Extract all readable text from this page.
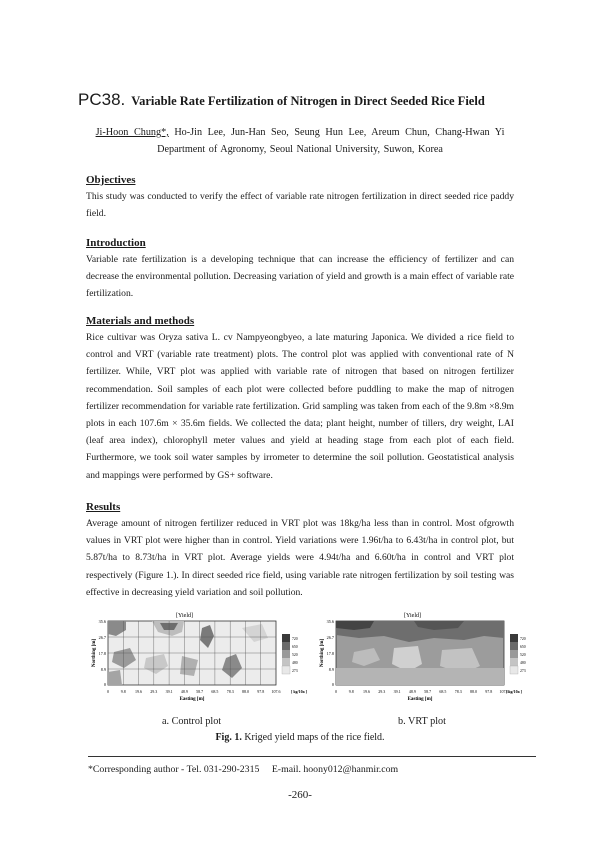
PC38. Variable Rate Fertilization of Nitrogen in Direct Seeded Rice Field
Ji-Hoon Chung*, Ho-Jin Lee, Jun-Han Seo, Seung Hun Lee, Areum Chun, Chang-Hwan Yi
Department of Agronomy, Seoul National University, Suwon, Korea
Objectives
This study was conducted to verify the effect of variable rate nitrogen fertilization in direct seeded rice paddy field.
Introduction
Variable rate fertilization is a developing technique that can increase the efficiency of fertilizer and can decrease the environmental pollution. Decreasing variation of yield and growth is a main effect of variable rate fertilization.
Materials and methods
Rice cultivar was Oryza sativa L. cv Nampyeongbyeo, a late maturing Japonica. We divided a rice field to control and VRT (variable rate treatment) plots. The control plot was applied with conventional rate of N fertilizer. While, VRT plot was applied with variable rate of nitrogen that based on nitrogen fertilizer recommendation. Soil samples of each plot were collected before puddling to make the map of nitrogen fertilizer recommendation for variable rate fertilization. Grid sampling was taken from each of the 9.8m ×8.9m plots in each 107.6m × 35.6m fields. We collected the data; plant height, number of tillers, dry weight, LAI (leaf area index), chlorophyll meter values and yield at heading stage from each plot of each field. Furthermore, we took soil water samples by irrometer to determine the soil pollution. Geostatistical analysis and mappings were performed by GS+ software.
Results
Average amount of nitrogen fertilizer reduced in VRT plot was 18kg/ha less than in control. Most ofgrowth values in VRT plot were higher than in control. Yield variations were 1.96t/ha to 6.43t/ha in control plot, but 5.87t/ha to 8.73t/ha in VRT plot. Average yields were 4.94t/ha and 6.60t/ha in control and VRT plot respectively (Figure 1.). In direct seeded rice field, using variable rate nitrogen fertilization by soil testing was effective in decreasing yield variation and soil pollution.
[Yield]
720
650
520
480
273
35.6
26.7
17.8
8.9
0
0	9.8 19.6 29.3 39.1 48.9 58.7 68.5 78.3 88.0 97.8 107.6	[ kg/10a ]
Easting [m]
Northing [m]
[Yield]
720
650
520
480
273
35.6
26.7
17.8
8.9
0
0	9.8 19.6 29.3 39.1 48.9 58.7 68.5 78.3 88.0 97.8 107.6
[ kg/10a ]
Easting [m]
Northing [m]
a. Control plot	b. VRT plot
Fig. 1. Kriged yield maps of the rice field.
*Corresponding author - Tel. 031-290-2315 E-mail. hoony012@hanmir.com
-260-
